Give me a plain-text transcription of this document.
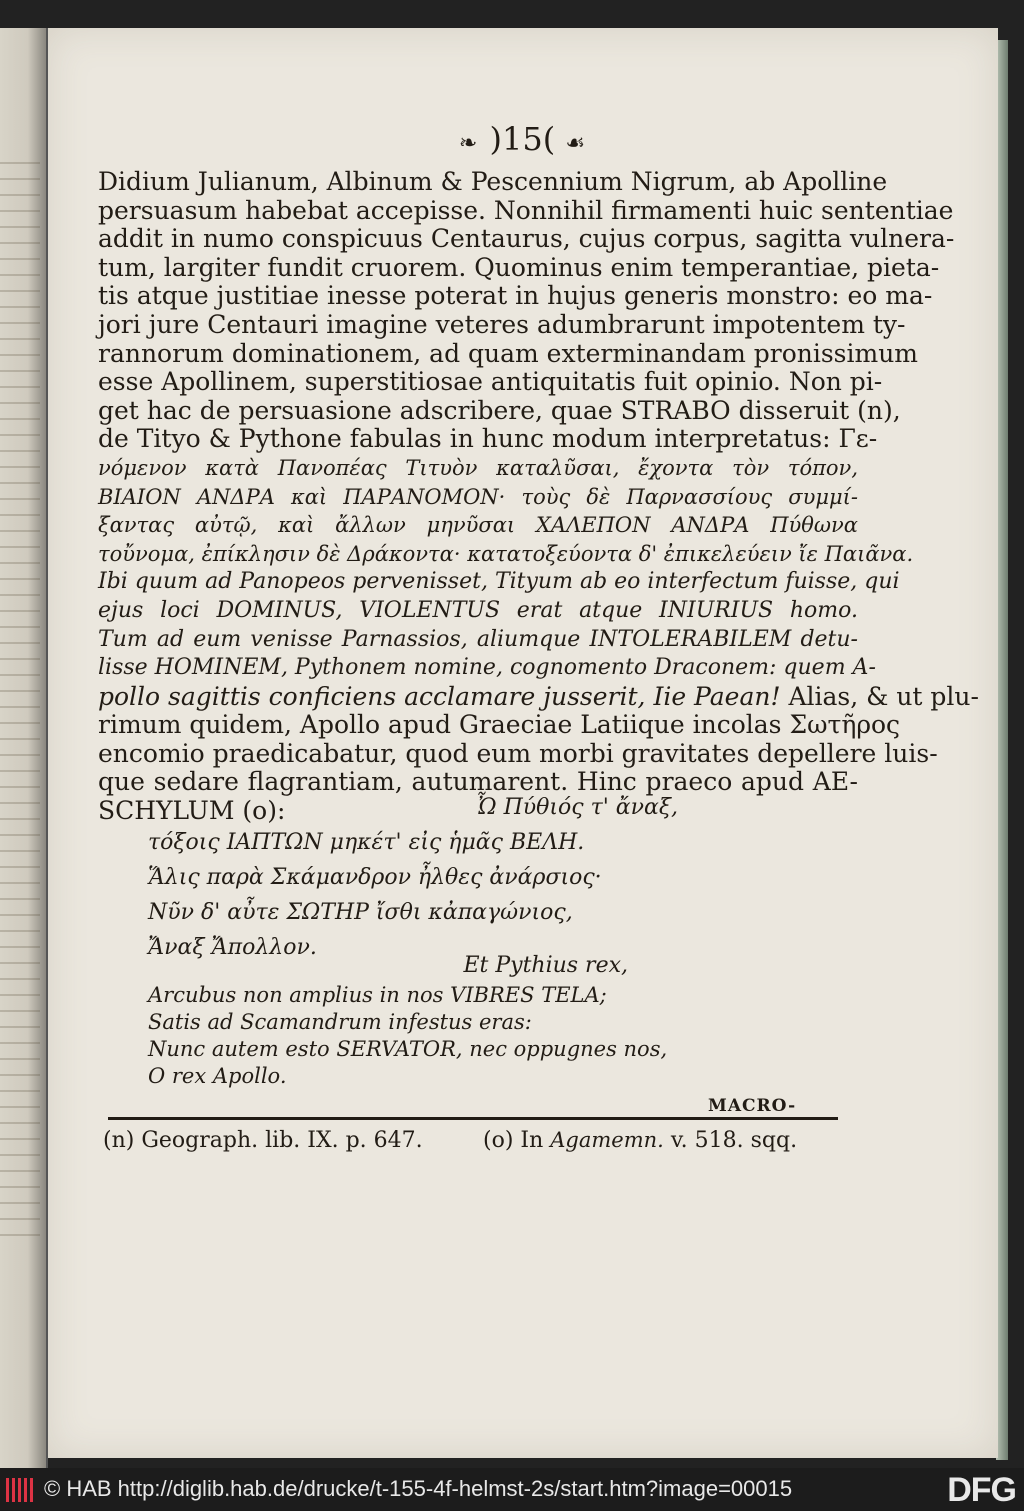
❧ )15( ☙
Didium Julianum, Albinum & Pescennium Nigrum, ab Apolline
persuasum habebat accepisse. Nonnihil firmamenti huic sententiae
addit in numo conspicuus Centaurus, cujus corpus, sagitta vulnera-
tum, largiter fundit cruorem. Quominus enim temperantiae, pieta-
tis atque justitiae inesse poterat in hujus generis monstro: eo ma-
jori jure Centauri imagine veteres adumbrarunt impotentem ty-
rannorum dominationem, ad quam exterminandam pronissimum
esse Apollinem, superstitiosae antiquitatis fuit opinio. Non pi-
get hac de persuasione adscribere, quae STRABO disseruit (n),
de Tityo & Pythone fabulas in hunc modum interpretatus: Γε-
νόμενον κατὰ Πανοπέας Τιτυὸν καταλῦσαι, ἔχοντα τὸν τόπον,
ΒΙΑΙΟΝ ΑΝΔΡΑ καὶ ΠΑΡΑΝΟΜΟΝ· τοὺς δὲ Παρνασσίους συμμί-
ξαντας αὐτῷ, καὶ ἄλλων μηνῦσαι ΧΑΛΕΠΟΝ ΑΝΔΡΑ Πύθωνα
τοὔνομα, ἐπίκλησιν δὲ Δράκοντα· κατατοξεύοντα δ' ἐπικελεύειν ἴε Παιᾶνα.
Ibi quum ad Panopeos pervenisset, Tityum ab eo interfectum fuisse, qui
ejus loci DOMINUS, VIOLENTUS erat atque INIURIUS homo.
Tum ad eum venisse Parnassios, aliumque INTOLERABILEM detu-
lisse HOMINEM, Pythonem nomine, cognomento Draconem: quem A-
pollo sagittis conficiens acclamare jusserit, Iie Paean! Alias, & ut plu-
rimum quidem, Apollo apud Graeciae Latiique incolas Σωτῆρος
encomio praedicabatur, quod eum morbi gravitates depellere luis-
que sedare flagrantiam, autumarent. Hinc praeco apud AE-
SCHYLUM (o):	Ὦ Πύθιός τ' ἄναξ,
τόξοις ΙΑΠΤΩΝ μηκέτ' εἰς ἡμᾶς ΒΕΛΗ.
Ἅλις παρὰ Σκάμανδρον ἦλθες ἀνάρσιος·
Νῦν δ' αὖτε ΣΩΤΗΡ ἴσθι κἀπαγώνιος,
Ἄναξ Ἄπολλον.
Et Pythius rex,
Arcubus non amplius in nos VIBRES TELA;
Satis ad Scamandrum infestus eras:
Nunc autem esto SERVATOR, nec oppugnes nos,
O rex Apollo.
MACRO-
(n) Geograph. lib. IX. p. 647.	(o) In Agamemn. v. 518. sqq.
© HAB http://diglib.hab.de/drucke/t-155-4f-helmst-2s/start.htm?image=00015	DFG
